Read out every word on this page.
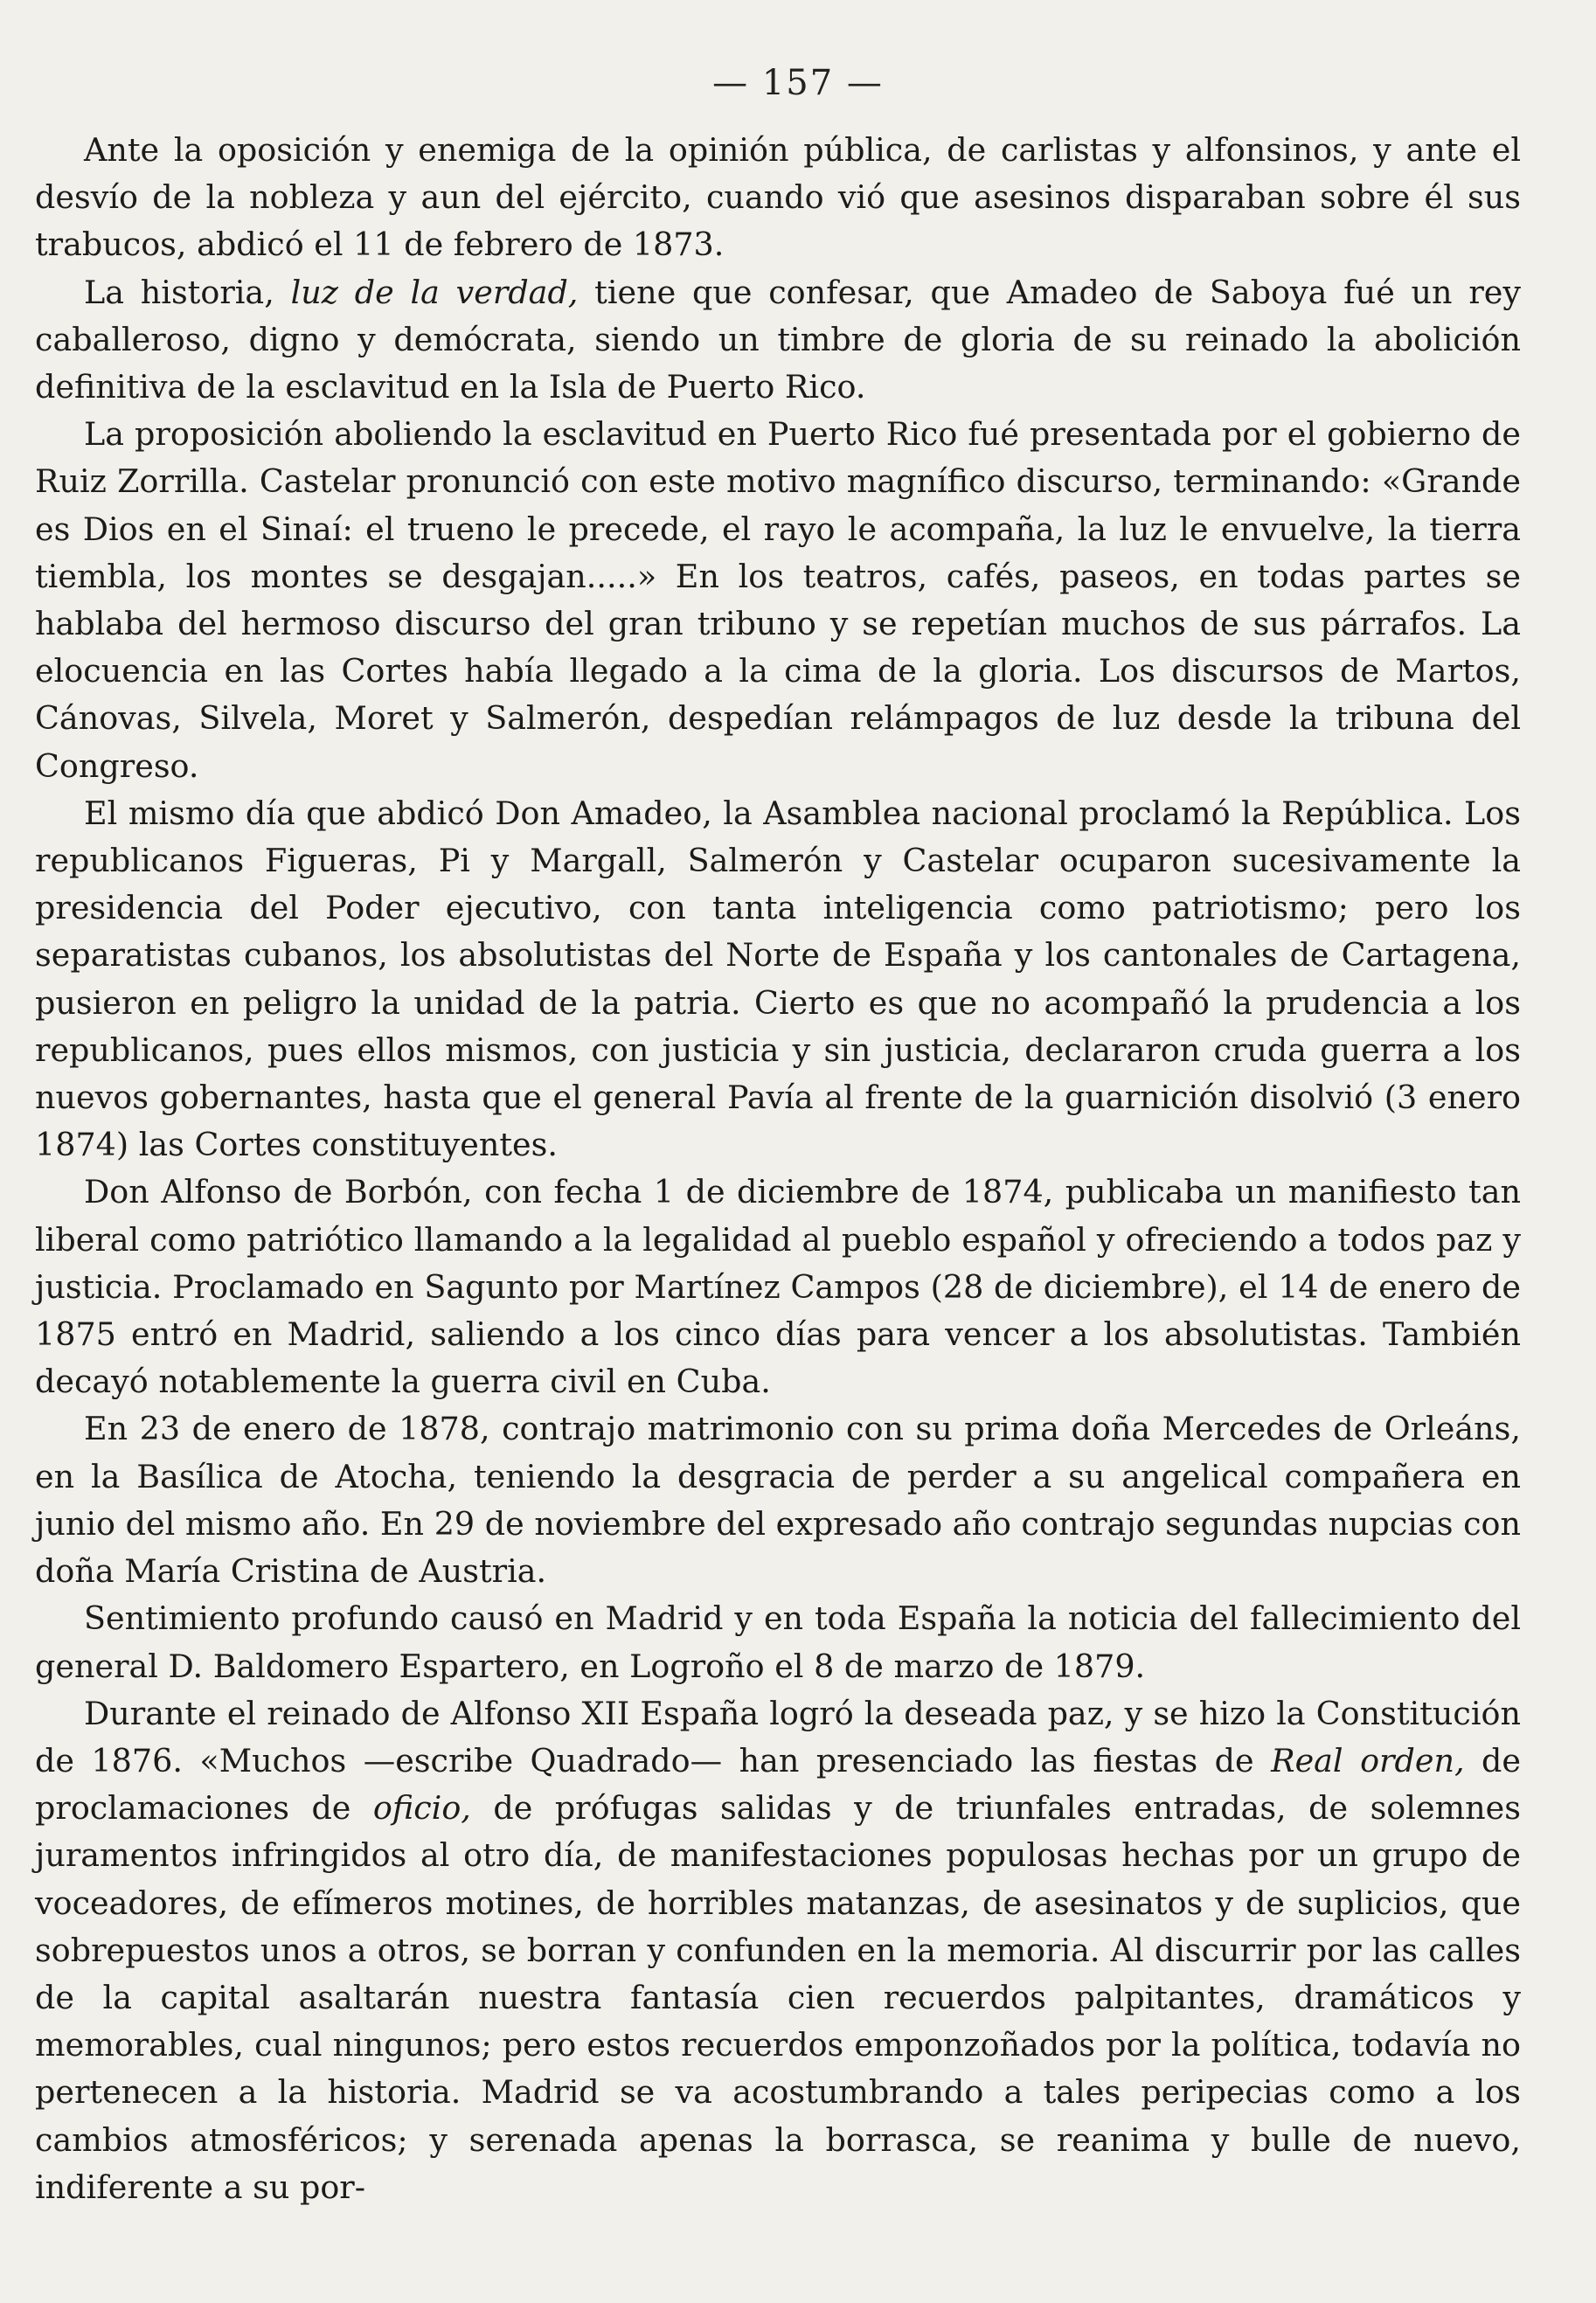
— 157 —

Ante la oposición y enemiga de la opinión pública, de carlistas y alfonsinos, y ante el desvío de la nobleza y aun del ejército, cuando vió que asesinos disparaban sobre él sus trabucos, abdicó el 11 de febrero de 1873.

La historia, luz de la verdad, tiene que confesar, que Amadeo de Saboya fué un rey caballeroso, digno y demócrata, siendo un timbre de gloria de su reinado la abolición definitiva de la esclavitud en la Isla de Puerto Rico.

La proposición aboliendo la esclavitud en Puerto Rico fué presentada por el gobierno de Ruiz Zorrilla. Castelar pronunció con este motivo magnífico discurso, terminando: «Grande es Dios en el Sinaí: el trueno le precede, el rayo le acompaña, la luz le envuelve, la tierra tiembla, los montes se desgajan.....» En los teatros, cafés, paseos, en todas partes se hablaba del hermoso discurso del gran tribuno y se repetían muchos de sus párrafos. La elocuencia en las Cortes había llegado a la cima de la gloria. Los discursos de Martos, Cánovas, Silvela, Moret y Salmerón, despedían relámpagos de luz desde la tribuna del Congreso.

El mismo día que abdicó Don Amadeo, la Asamblea nacional proclamó la República. Los republicanos Figueras, Pi y Margall, Salmerón y Castelar ocuparon sucesivamente la presidencia del Poder ejecutivo, con tanta inteligencia como patriotismo; pero los separatistas cubanos, los absolutistas del Norte de España y los cantonales de Cartagena, pusieron en peligro la unidad de la patria. Cierto es que no acompañó la prudencia a los republicanos, pues ellos mismos, con justicia y sin justicia, declararon cruda guerra a los nuevos gobernantes, hasta que el general Pavía al frente de la guarnición disolvió (3 enero 1874) las Cortes constituyentes.

Don Alfonso de Borbón, con fecha 1 de diciembre de 1874, publicaba un manifiesto tan liberal como patriótico llamando a la legalidad al pueblo español y ofreciendo a todos paz y justicia. Proclamado en Sagunto por Martínez Campos (28 de diciembre), el 14 de enero de 1875 entró en Madrid, saliendo a los cinco días para vencer a los absolutistas. También decayó notablemente la guerra civil en Cuba.

En 23 de enero de 1878, contrajo matrimonio con su prima doña Mercedes de Orleáns, en la Basílica de Atocha, teniendo la desgracia de perder a su angelical compañera en junio del mismo año. En 29 de noviembre del expresado año contrajo segundas nupcias con doña María Cristina de Austria.

Sentimiento profundo causó en Madrid y en toda España la noticia del fallecimiento del general D. Baldomero Espartero, en Logroño el 8 de marzo de 1879.

Durante el reinado de Alfonso XII España logró la deseada paz, y se hizo la Constitución de 1876. «Muchos —escribe Quadrado— han presenciado las fiestas de Real orden, de proclamaciones de oficio, de prófugas salidas y de triunfales entradas, de solemnes juramentos infringidos al otro día, de manifestaciones populosas hechas por un grupo de voceadores, de efímeros motines, de horribles matanzas, de asesinatos y de suplicios, que sobrepuestos unos a otros, se borran y confunden en la memoria. Al discurrir por las calles de la capital asaltarán nuestra fantasía cien recuerdos palpitantes, dramáticos y memorables, cual ningunos; pero estos recuerdos emponzoñados por la política, todavía no pertenecen a la historia. Madrid se va acostumbrando a tales peripecias como a los cambios atmosféricos; y serenada apenas la borrasca, se reanima y bulle de nuevo, indiferente a su por-
